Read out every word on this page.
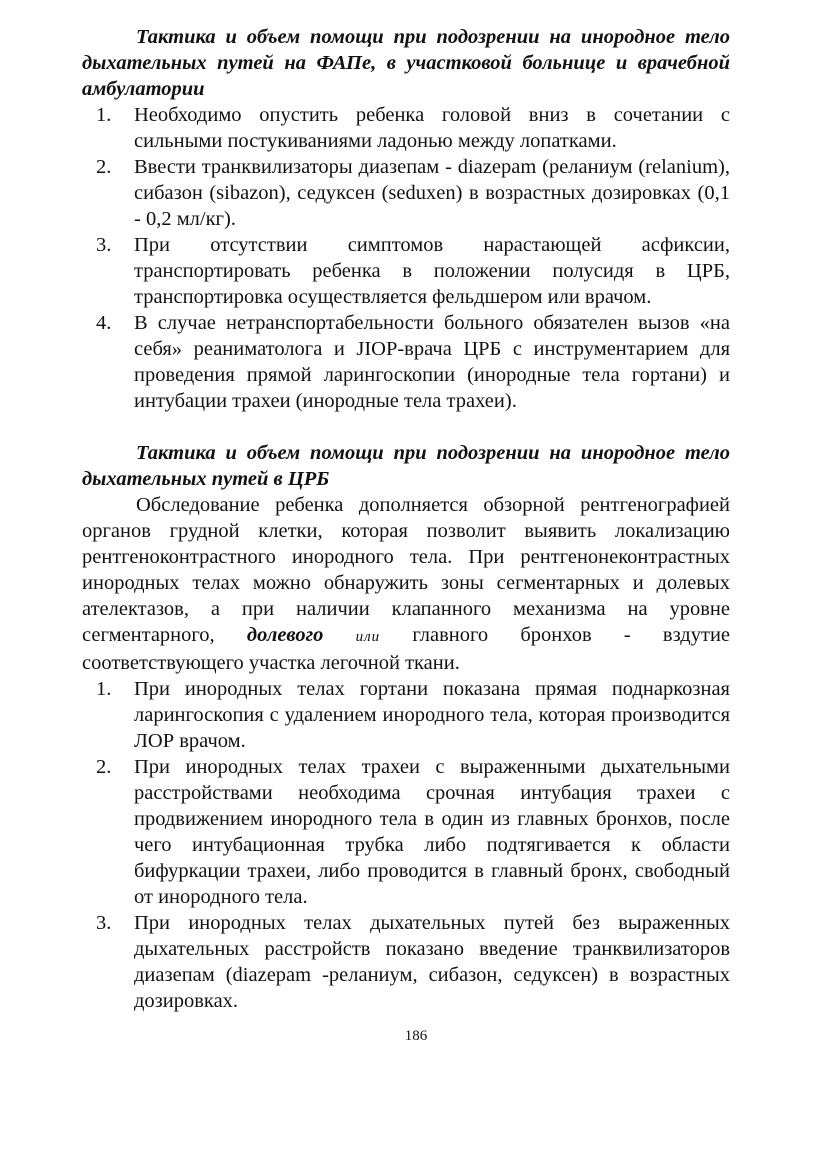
Тактика и объем помощи при подозрении на инородное тело дыхательных путей на ФАПе, в участковой больнице и врачебной амбулатории

1. Необходимо опустить ребенка головой вниз в сочетании с сильными постукиваниями ладонью между лопатками.
2. Ввести транквилизаторы диазепам - diazepam (реланиум (relanium), сибазон (sibazon), седуксен (seduxen) в возрастных дозировках (0,1 - 0,2 мл/кг).
3. При отсутствии симптомов нарастающей асфиксии, транспортировать ребенка в положении полусидя в ЦРБ, транспортировка осуществляется фельдшером или врачом.
4. В случае нетранспортабельности больного обязателен вызов «на себя» реаниматолога и JIOP-врача ЦРБ с инструментарием для проведения прямой ларингоскопии (инородные тела гортани) и интубации трахеи (инородные тела трахеи).

Тактика и объем помощи при подозрении на инородное тело дыхательных путей в ЦРБ

Обследование ребенка дополняется обзорной рентгенографией органов грудной клетки, которая позволит выявить локализацию рентгеноконтрастного инородного тела. При рентгенонеконтрастных инородных телах можно обнаружить зоны сегментарных и долевых ателектазов, а при наличии клапанного механизма на уровне сегментарного, долевого или главного бронхов - вздутие соответствующего участка легочной ткани.

1. При инородных телах гортани показана прямая поднаркозная ларингоскопия с удалением инородного тела, которая производится ЛОР врачом.
2. При инородных телах трахеи с выраженными дыхательными расстройствами необходима срочная интубация трахеи с продвижением инородного тела в один из главных бронхов, после чего интубационная трубка либо подтягивается к области бифуркации трахеи, либо проводится в главный бронх, свободный от инородного тела.
3. При инородных телах дыхательных путей без выраженных дыхательных расстройств показано введение транквилизаторов диазепам (diazepam -реланиум, сибазон, седуксен) в возрастных дозировках.
186
